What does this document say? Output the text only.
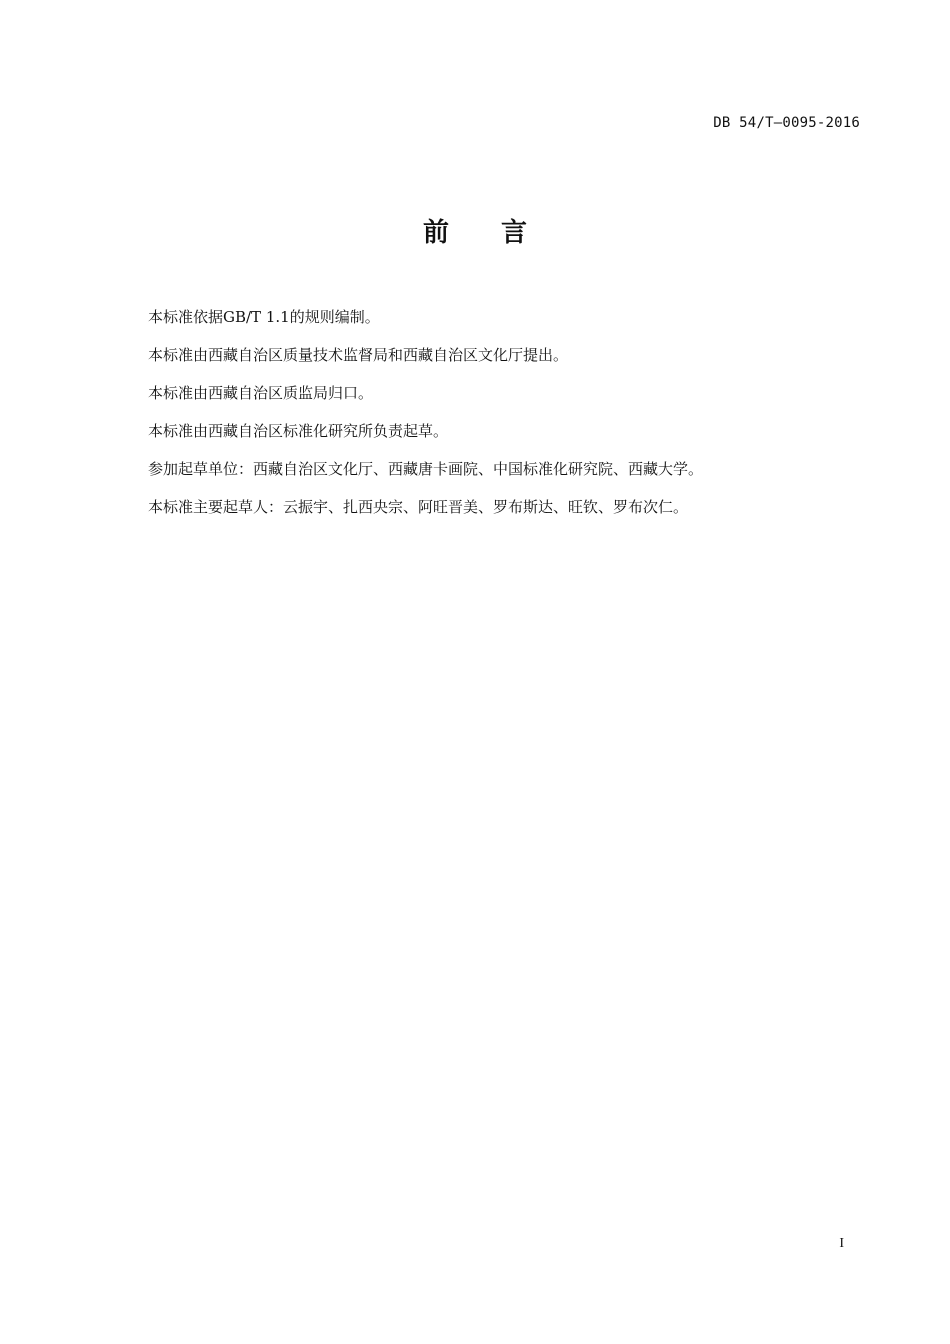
DB 54/T—0095-2016
前言

本标准依据GB/T 1.1的规则编制。

本标准由西藏自治区质量技术监督局和西藏自治区文化厅提出。

本标准由西藏自治区质监局归口。

本标准由西藏自治区标准化研究所负责起草。

参加起草单位：西藏自治区文化厅、西藏唐卡画院、中国标准化研究院、西藏大学。

本标准主要起草人：云振宇、扎西央宗、阿旺晋美、罗布斯达、旺钦、罗布次仁。

I
